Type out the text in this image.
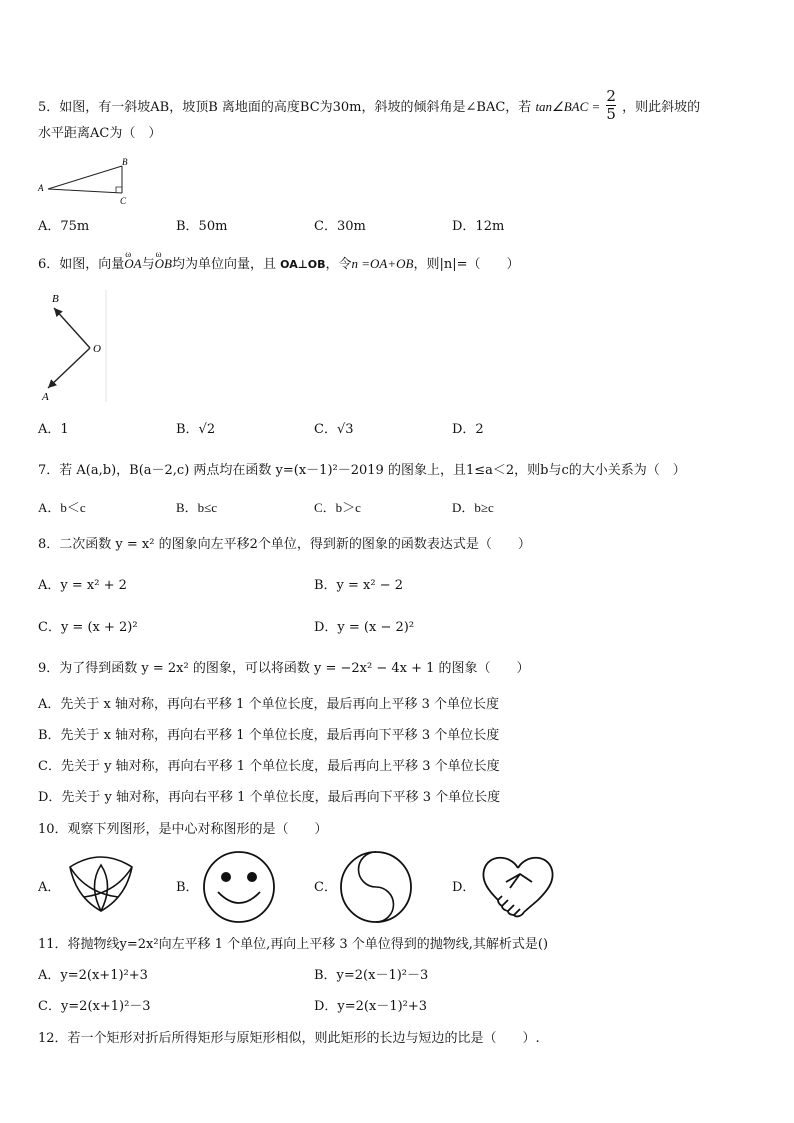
5．如图，有一斜坡AB，坡顶B 离地面的高度BC为30m，斜坡的倾斜角是∠BAC，若 tan∠BAC = $\frac{2}{5}$ ，则此斜坡的
水平距离AC为（　）
A
B
C
A．75m	B．50m	C．30m	D．12m
6．如图，向量ω OA与ω OB均为单位向量，且 OA⊥OB，令n =OA+OB，则|n|=（　　）
B
O
A
A．1	B．√2	C．√3	D．2
7．若 A(a,b)，B(a－2,c) 两点均在函数 y=(x－1)²－2019 的图象上，且1≤a＜2，则b与c的大小关系为（　）
A．b＜c	B．b≤c	C．b＞c	D．b≥c
8．二次函数 y = x² 的图象向左平移2个单位，得到新的图象的函数表达式是（　　）
A．y = x² + 2	B．y = x² − 2
C．y = (x + 2)²	D．y = (x − 2)²
9．为了得到函数 y = 2x² 的图象，可以将函数 y = −2x² − 4x + 1 的图象（　　）
A．先关于 x 轴对称，再向右平移 1 个单位长度，最后再向上平移 3 个单位长度
B．先关于 x 轴对称，再向右平移 1 个单位长度，最后再向下平移 3 个单位长度
C．先关于 y 轴对称，再向右平移 1 个单位长度，最后再向上平移 3 个单位长度
D．先关于 y 轴对称，再向右平移 1 个单位长度，最后再向下平移 3 个单位长度
10．观察下列图形，是中心对称图形的是（　　）
A．	B．	C．	D．
11．将抛物线y=2x²向左平移 1 个单位,再向上平移 3 个单位得到的抛物线,其解析式是()
A．y=2(x+1)²+3	B．y=2(x－1)²－3
C．y=2(x+1)²－3	D．y=2(x－1)²+3
12．若一个矩形对折后所得矩形与原矩形相似，则此矩形的长边与短边的比是（　　）.
